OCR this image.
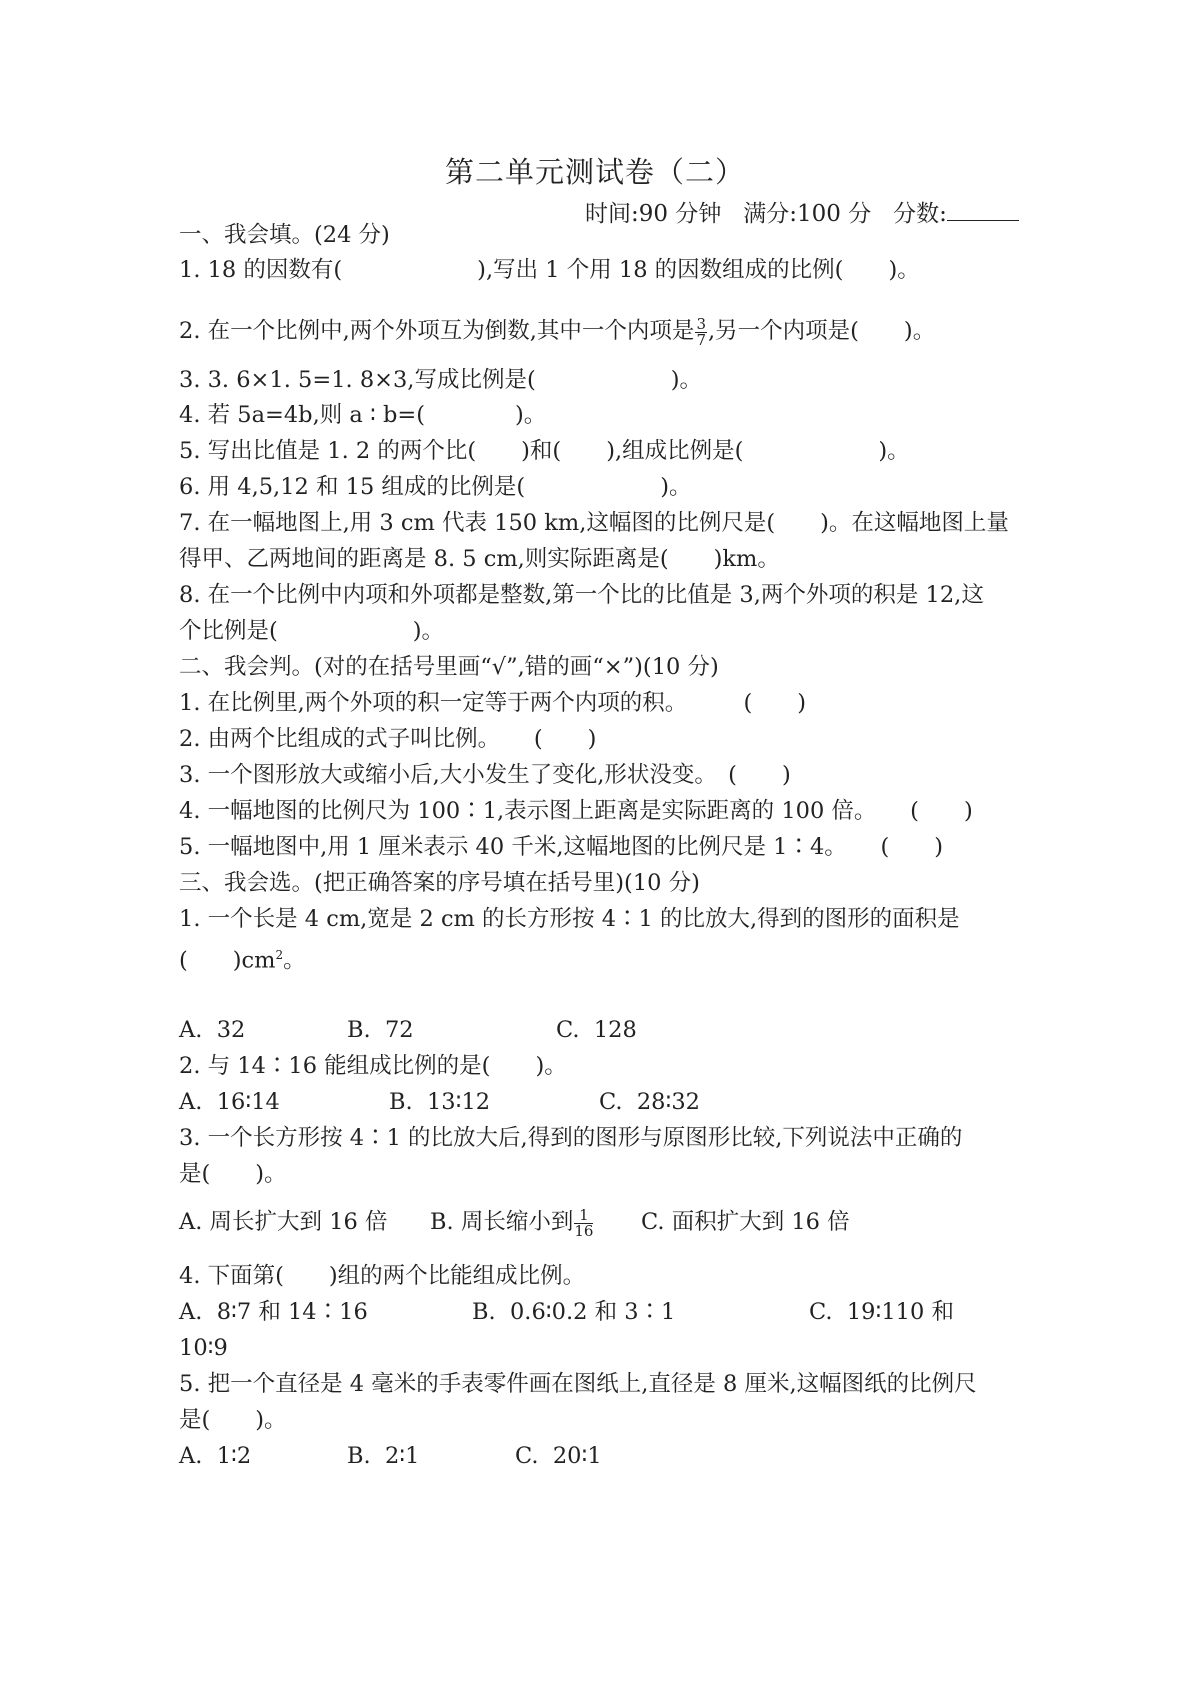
第二单元测试卷（二）
时间:90 分钟 满分:100 分 分数:
一、我会填。(24 分)
1. 18 的因数有(　　　　　　),写出 1 个用 18 的因数组成的比例(　　)。
2. 在一个比例中,两个外项互为倒数,其中一个内项是 $\frac{3}{7}$ ,另一个内项是(　　)。
3. 3. 6×1. 5=1. 8×3,写成比例是(　　　　　　)。
4. 若 5a=4b,则 a ∶ b=(　　　　)。
5. 写出比值是 1. 2 的两个比(　　)和(　　),组成比例是(　　　　　　)。
6. 用 4,5,12 和 15 组成的比例是(　　　　　　)。
7. 在一幅地图上,用 3 cm 代表 150 km,这幅图的比例尺是(　　)。在这幅地图上量
得甲、乙两地间的距离是 8. 5 cm,则实际距离是(　　)km。
8. 在一个比例中内项和外项都是整数,第一个比的比值是 3,两个外项的积是 12,这
个比例是(　　　　　　)。
二、我会判。(对的在括号里画“√”,错的画“×”)(10 分)
1. 在比例里,两个外项的积一定等于两个内项的积。　　　(　　)
2. 由两个比组成的式子叫比例。　　(　　)
3. 一个图形放大或缩小后,大小发生了变化,形状没变。　(　　)
4. 一幅地图的比例尺为 100∶1,表示图上距离是实际距离的 100 倍。　　(　　)
5. 一幅地图中,用 1 厘米表示 40 千米,这幅地图的比例尺是 1∶4。　　(　　)
三、我会选。(把正确答案的序号填在括号里)(10 分)
1. 一个长是 4 cm,宽是 2 cm 的长方形按 4∶1 的比放大,得到的图形的面积是
(　　)$cm^2$。
A.  32	B.  72	C.  128
2. 与 14∶16 能组成比例的是(　　)。
A.  16∶14	B.  13∶12	C.  28∶32
3. 一个长方形按 4∶1 的比放大后,得到的图形与原图形比较,下列说法中正确的
是(　　)。
A. 周长扩大到 16 倍 B. 周长缩小到 $\frac{1}{16} C$. 面积扩大到 16 倍
4. 下面第(　　)组的两个比能组成比例。
A.  8∶7 和 14∶16	B.  0.6∶0.2 和 3∶1	C.  19∶110 和
10∶9
5. 把一个直径是 4 毫米的手表零件画在图纸上,直径是 8 厘米,这幅图纸的比例尺
是(　　)。
A.  1∶2	B.  2∶1	C.  20∶1
